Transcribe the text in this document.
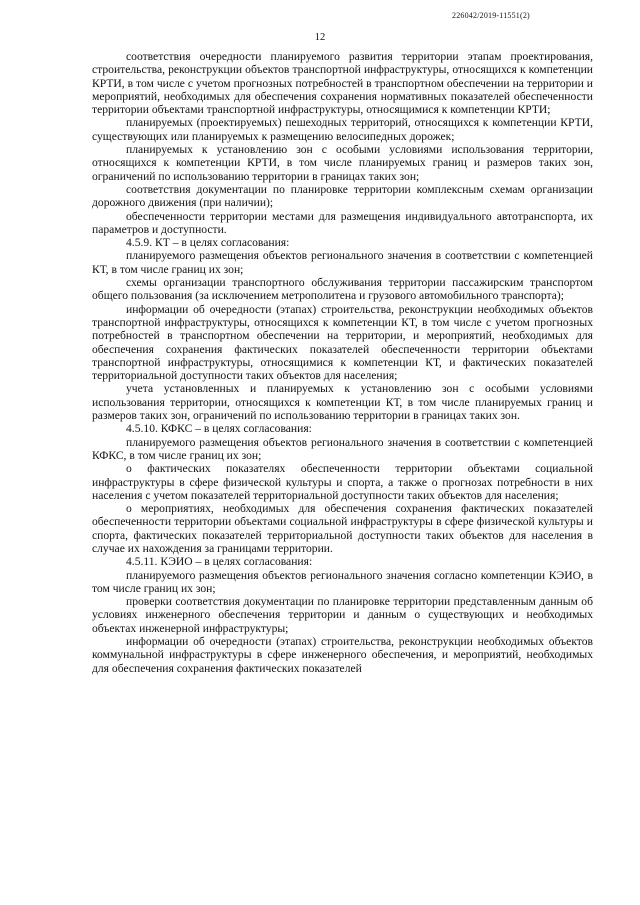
226042/2019-11551(2)
12

соответствия очередности планируемого развития территории этапам проектирования, строительства, реконструкции объектов транспортной инфраструктуры, относящихся к компетенции КРТИ, в том числе с учетом прогнозных потребностей в транспортном обеспечении на территории и мероприятий, необходимых для обеспечения сохранения нормативных показателей обеспеченности территории объектами транспортной инфраструктуры, относящимися к компетенции КРТИ;

планируемых (проектируемых) пешеходных территорий, относящихся к компетенции КРТИ, существующих или планируемых к размещению велосипедных дорожек;

планируемых к установлению зон с особыми условиями использования территории, относящихся к компетенции КРТИ, в том числе планируемых границ и размеров таких зон, ограничений по использованию территории в границах таких зон;

соответствия документации по планировке территории комплексным схемам организации дорожного движения (при наличии);

обеспеченности территории местами для размещения индивидуального автотранспорта, их параметров и доступности.

4.5.9. КТ – в целях согласования:

планируемого размещения объектов регионального значения в соответствии с компетенцией КТ, в том числе границ их зон;

схемы организации транспортного обслуживания территории пассажирским транспортом общего пользования (за исключением метрополитена и грузового автомобильного транспорта);

информации об очередности (этапах) строительства, реконструкции необходимых объектов транспортной инфраструктуры, относящихся к компетенции КТ, в том числе с учетом прогнозных потребностей в транспортном обеспечении на территории, и мероприятий, необходимых для обеспечения сохранения фактических показателей обеспеченности территории объектами транспортной инфраструктуры, относящимися к компетенции КТ, и фактических показателей территориальной доступности таких объектов для населения;

учета установленных и планируемых к установлению зон с особыми условиями использования территории, относящихся к компетенции КТ, в том числе планируемых границ и размеров таких зон, ограничений по использованию территории в границах таких зон.

4.5.10. КФКС – в целях согласования:

планируемого размещения объектов регионального значения в соответствии с компетенцией КФКС, в том числе границ их зон;

о фактических показателях обеспеченности территории объектами социальной инфраструктуры в сфере физической культуры и спорта, а также о прогнозах потребности в них населения с учетом показателей территориальной доступности таких объектов для населения;

о мероприятиях, необходимых для обеспечения сохранения фактических показателей обеспеченности территории объектами социальной инфраструктуры в сфере физической культуры и спорта, фактических показателей территориальной доступности таких объектов для населения в случае их нахождения за границами территории.

4.5.11. КЭИО – в целях согласования:

планируемого размещения объектов регионального значения согласно компетенции КЭИО, в том числе границ их зон;

проверки соответствия документации по планировке территории представленным данным об условиях инженерного обеспечения территории и данным о существующих и необходимых объектах инженерной инфраструктуры;

информации об очередности (этапах) строительства, реконструкции необходимых объектов коммунальной инфраструктуры в сфере инженерного обеспечения, и мероприятий, необходимых для обеспечения сохранения фактических показателей
